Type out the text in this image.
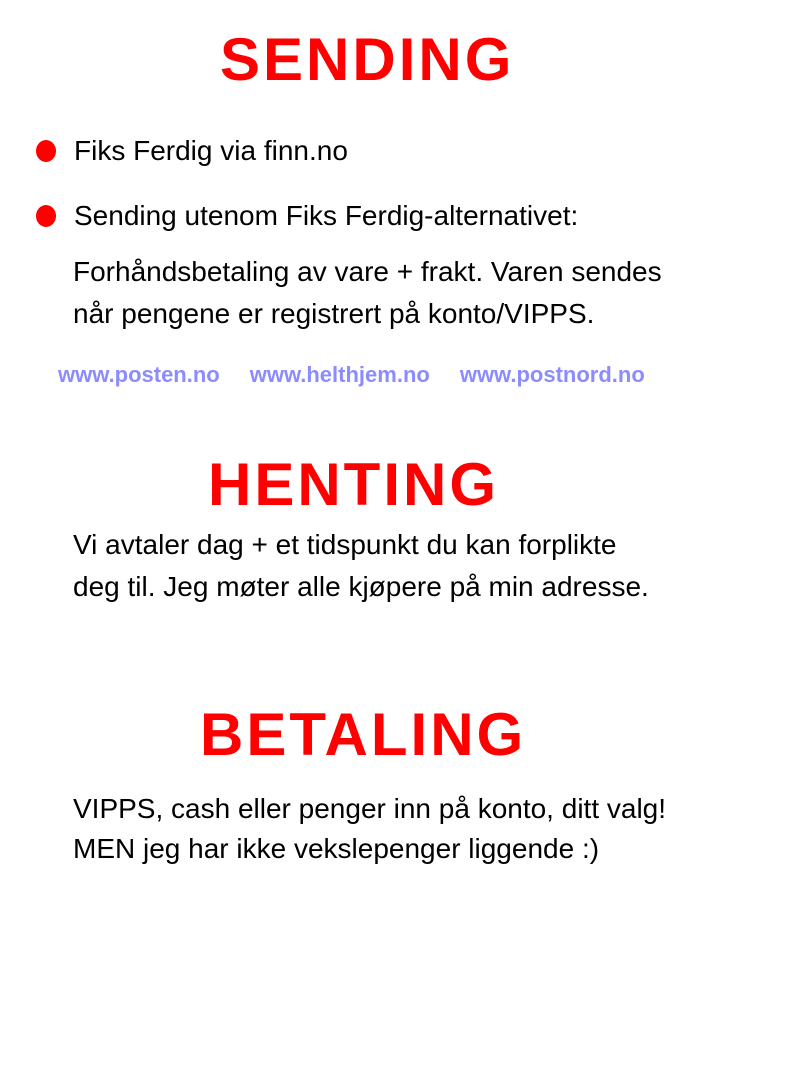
SENDING
Fiks Ferdig via finn.no
Sending utenom Fiks Ferdig-alternativet:

Forhåndsbetaling av vare + frakt. Varen sendes

når pengene er registrert på konto/VIPPS.

www.posten.no www.helthjem.no www.postnord.no
HENTING

Vi avtaler dag + et tidspunkt du kan forplikte

deg til. Jeg møter alle kjøpere på min adresse.

BETALING

VIPPS, cash eller penger inn på konto, ditt valg!

MEN jeg har ikke vekslepenger liggende :)
